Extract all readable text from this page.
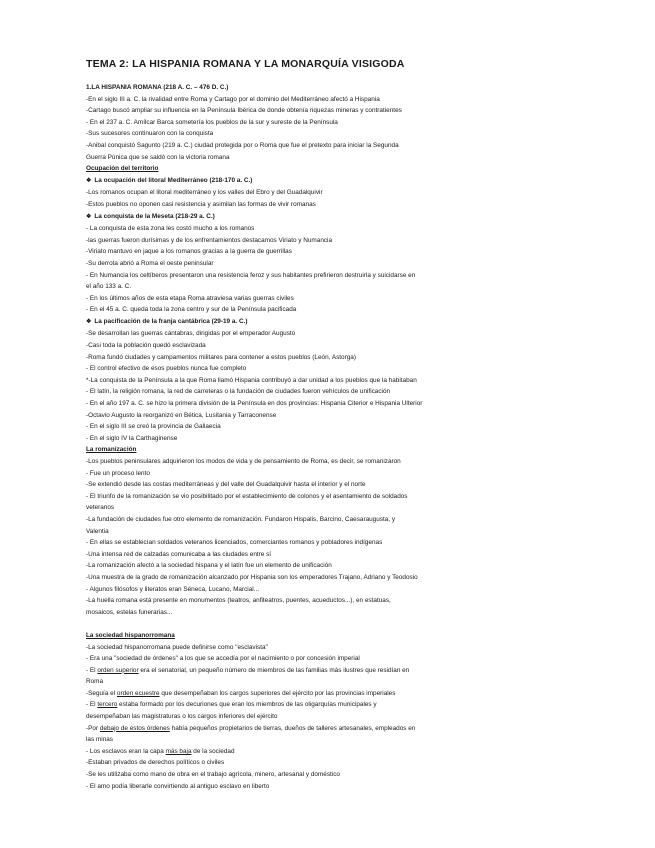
TEMA 2: LA HISPANIA ROMANA Y LA MONARQUÍA VISIGODA
1.LA HISPANIA ROMANA (218 A. C. – 476 D. C.)
-En el siglo III a. C. la rivalidad entre Roma y Cartago por el dominio del Mediterráneo afectó a Hispania
-Cartago buscó ampliar su influencia en la Península Ibérica de donde obtenía riquezas mineras y contratientes
- En el 237 a. C. Amílcar Barca sometería los pueblos de la sur y sureste de la Península
-Sus sucesores continuaron con la conquista
-Anibal conquistó Sagunto (219 a. C.) ciudad protegida por o Roma que fue el pretexto para iniciar la Segunda
Guerra Púnica que se saldó con la victoria romana
Ocupación del territorio
❖ La ocupación del litoral Mediterráneo (218-170 a. C.)
-Los romanos ocupan el litoral mediterráneo y los valles del Ebro y del Guadalquivir
-Estos pueblos no oponen casi resistencia y asimilan las formas de vivir romanas
❖ La conquista de la Meseta (218-29 a. C.)
- La conquista de esta zona les costó mucho a los romanos
-las guerras fueron durísimas y de los enfrentamientos destacamos Viriato y Numancia
-Viriato mantuvo en jaque a los romanos gracias a la guerra de guerrillas
-Su derrota abrió a Roma el oeste peninsular
- En Numancia los celtíberos presentaron una resistencia feroz y sus habitantes prefirieron destruirla y suicidarse en
el año 133 a. C.
- En los últimos años de esta etapa Roma atraviesa varias guerras civiles
- En el 45 a. C. queda toda la zona centro y sur de la Península pacificada
❖ La pacificación de la franja cantábrica (29-19 a. C.)
-Se desarrollan las guerras cántabras, dirigidas por el emperador Augusto
-Casi toda la población quedó esclavizada
-Roma fundó ciudades y campamentos militares para contener a estos pueblos (León, Astorga)
- El control efectivo de esos pueblos nunca fue completo
*-La conquista de la Península a la que Roma llamó Hispania contribuyó a dar unidad a los pueblos que la habitaban
- El latín, la religión romana, la red de carreteras o la fundación de ciudades fueron vehículos de unificación
- En el año 197 a. C. se hizo la primera división de la Península en dos provincias: Hispania Citerior e Hispania Ulterior
-Octavio Augusto la reorganizó en Bética, Lusitania y Tarraconense
- En el siglo III se creó la provincia de Gallaecia
- En el siglo IV la Carthaginense
La romanización
-Los pueblos peninsulares adquirieron los modos de vida y de pensamiento de Roma, es decir, se romanizaron
- Fue un proceso lento
-Se extendió desde las costas mediterráneas y del valle del Guadalquivir hasta el interior y el norte
- El triunfo de la romanización se vio posibilitado por el establecimiento de colonos y el asentamiento de soldados
veteranos
-La fundación de ciudades fue otro elemento de romanización. Fundaron Hispalis, Barcino, Caesaraugusta, y
Valentia
- En ellas se establecían soldados veteranos licenciados, comerciantes romanos y pobladores indígenas
-Una intensa red de calzadas comunicaba a las ciudades entre sí
-La romanización afectó a la sociedad hispana y el latín fue un elemento de unificación
-Una muestra de la grado de romanización alcanzado por Hispania son los emperadores Trajano, Adriano y Teodosio
- Algunos filósofos y literatos eran Séneca, Lucano, Marcial...
-La huella romana está presente en monumentos (teatros, anfiteatros, puentes, acueductos...), en estatuas,
mosaicos, estelas funerarias...
La sociedad hispanorromana
-La sociedad hispanorromana puede definirse como "esclavista"
- Era una "sociedad de órdenes" a los que se accedía por el nacimiento o por concesión imperial
- El orden superior era el senatorial, un pequeño número de miembros de las familias más ilustres que residían en
Roma
-Seguía el orden ecuestre que desempeñaban los cargos superiores del ejército por las provincias imperiales
- El tercero estaba formado por los decuriones que eran los miembros de las oligarquías municipales y
desempeñaban las magistraturas o los cargos inferiores del ejército
-Por debajo de estos órdenes había pequeños propietarios de tierras, dueños de talleres artesanales, empleados en
las minas
- Los esclavos eran la capa más baja de la sociedad
-Estaban privados de derechos políticos o civiles
-Se les utilizaba como mano de obra en el trabajo agrícola, minero, artesanal y doméstico
- El amo podía liberarle convirtiendo al antiguo esclavo en liberto
